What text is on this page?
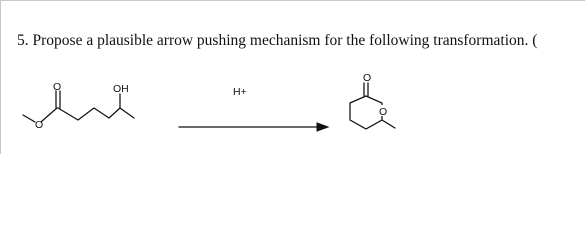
5. Propose a plausible arrow pushing mechanism for the following transformation. (

O
O
OH	H+
O
O
